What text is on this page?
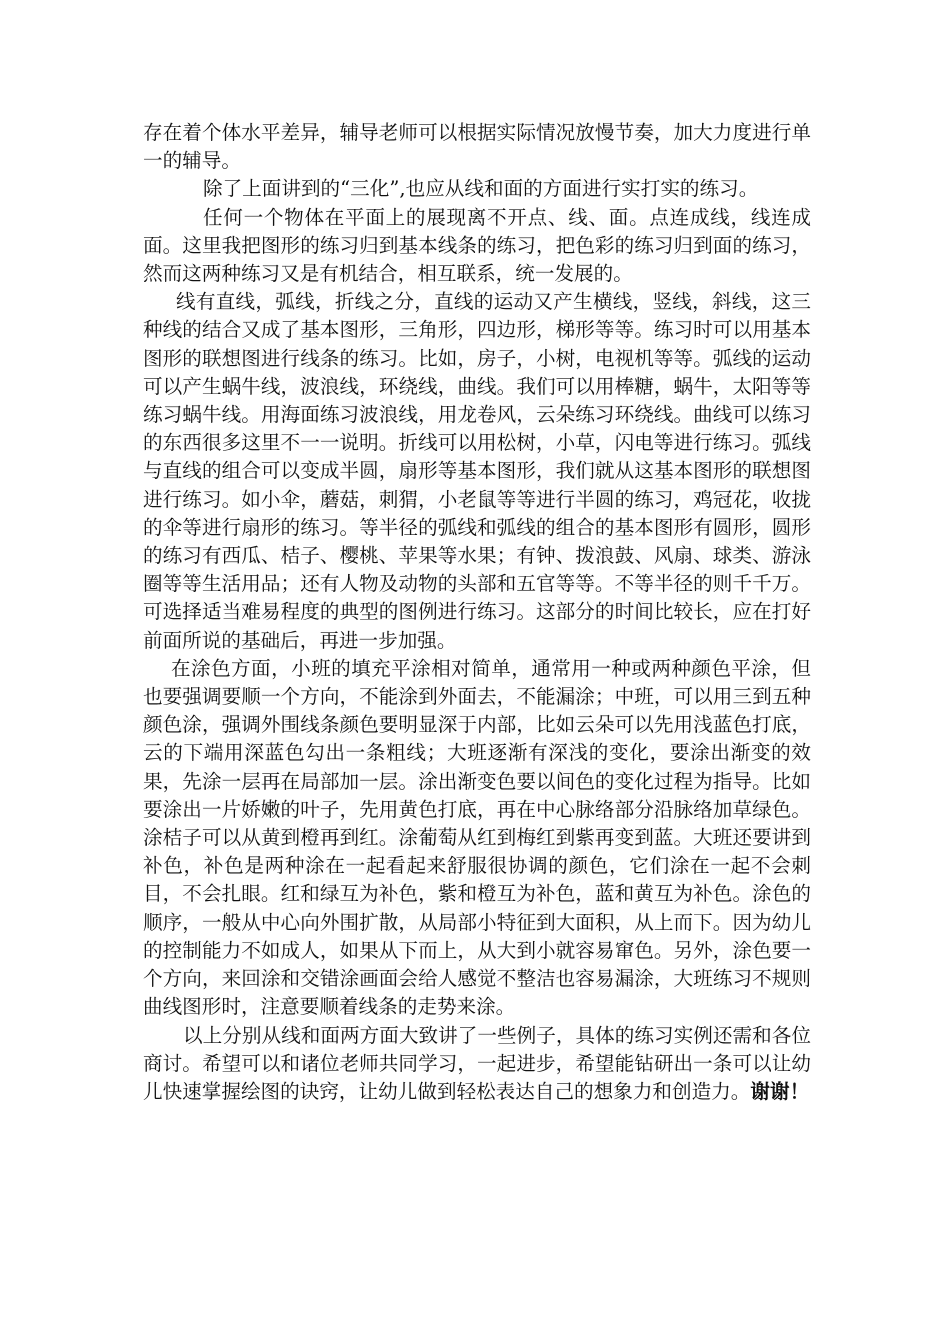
存在着个体水平差异，辅导老师可以根据实际情况放慢节奏，加大力度进行单一的辅导。

除了上面讲到的“三化”,也应从线和面的方面进行实打实的练习。

任何一个物体在平面上的展现离不开点、线、面。点连成线，线连成面。这里我把图形的练习归到基本线条的练习，把色彩的练习归到面的练习，然而这两种练习又是有机结合，相互联系，统一发展的。

线有直线，弧线，折线之分，直线的运动又产生横线，竖线，斜线，这三种线的结合又成了基本图形，三角形，四边形，梯形等等。练习时可以用基本图形的联想图进行线条的练习。比如，房子，小树，电视机等等。弧线的运动可以产生蜗牛线，波浪线，环绕线，曲线。我们可以用棒糖，蜗牛，太阳等等练习蜗牛线。用海面练习波浪线，用龙卷风，云朵练习环绕线。曲线可以练习的东西很多这里不一一说明。折线可以用松树，小草，闪电等进行练习。弧线与直线的组合可以变成半圆，扇形等基本图形，我们就从这基本图形的联想图进行练习。如小伞，蘑菇，刺猬，小老鼠等等进行半圆的练习，鸡冠花，收拢的伞等进行扇形的练习。等半径的弧线和弧线的组合的基本图形有圆形，圆形的练习有西瓜、桔子、樱桃、苹果等水果；有钟、拨浪鼓、风扇、球类、游泳圈等等生活用品；还有人物及动物的头部和五官等等。不等半径的则千千万。可选择适当难易程度的典型的图例进行练习。这部分的时间比较长，应在打好前面所说的基础后，再进一步加强。

在涂色方面，小班的填充平涂相对简单，通常用一种或两种颜色平涂，但也要强调要顺一个方向，不能涂到外面去，不能漏涂；中班，可以用三到五种颜色涂，强调外围线条颜色要明显深于内部，比如云朵可以先用浅蓝色打底，云的下端用深蓝色勾出一条粗线；大班逐渐有深浅的变化，要涂出渐变的效果，先涂一层再在局部加一层。涂出渐变色要以间色的变化过程为指导。比如要涂出一片娇嫩的叶子，先用黄色打底，再在中心脉络部分沿脉络加草绿色。涂桔子可以从黄到橙再到红。涂葡萄从红到梅红到紫再变到蓝。大班还要讲到补色，补色是两种涂在一起看起来舒服很协调的颜色，它们涂在一起不会刺目，不会扎眼。红和绿互为补色，紫和橙互为补色，蓝和黄互为补色。涂色的顺序，一般从中心向外围扩散，从局部小特征到大面积，从上而下。因为幼儿的控制能力不如成人，如果从下而上，从大到小就容易窜色。另外，涂色要一个方向，来回涂和交错涂画面会给人感觉不整洁也容易漏涂，大班练习不规则曲线图形时，注意要顺着线条的走势来涂。

以上分别从线和面两方面大致讲了一些例子，具体的练习实例还需和各位商讨。希望可以和诸位老师共同学习，一起进步，希望能钻研出一条可以让幼儿快速掌握绘图的诀窍，让幼儿做到轻松表达自己的想象力和创造力。谢谢！
